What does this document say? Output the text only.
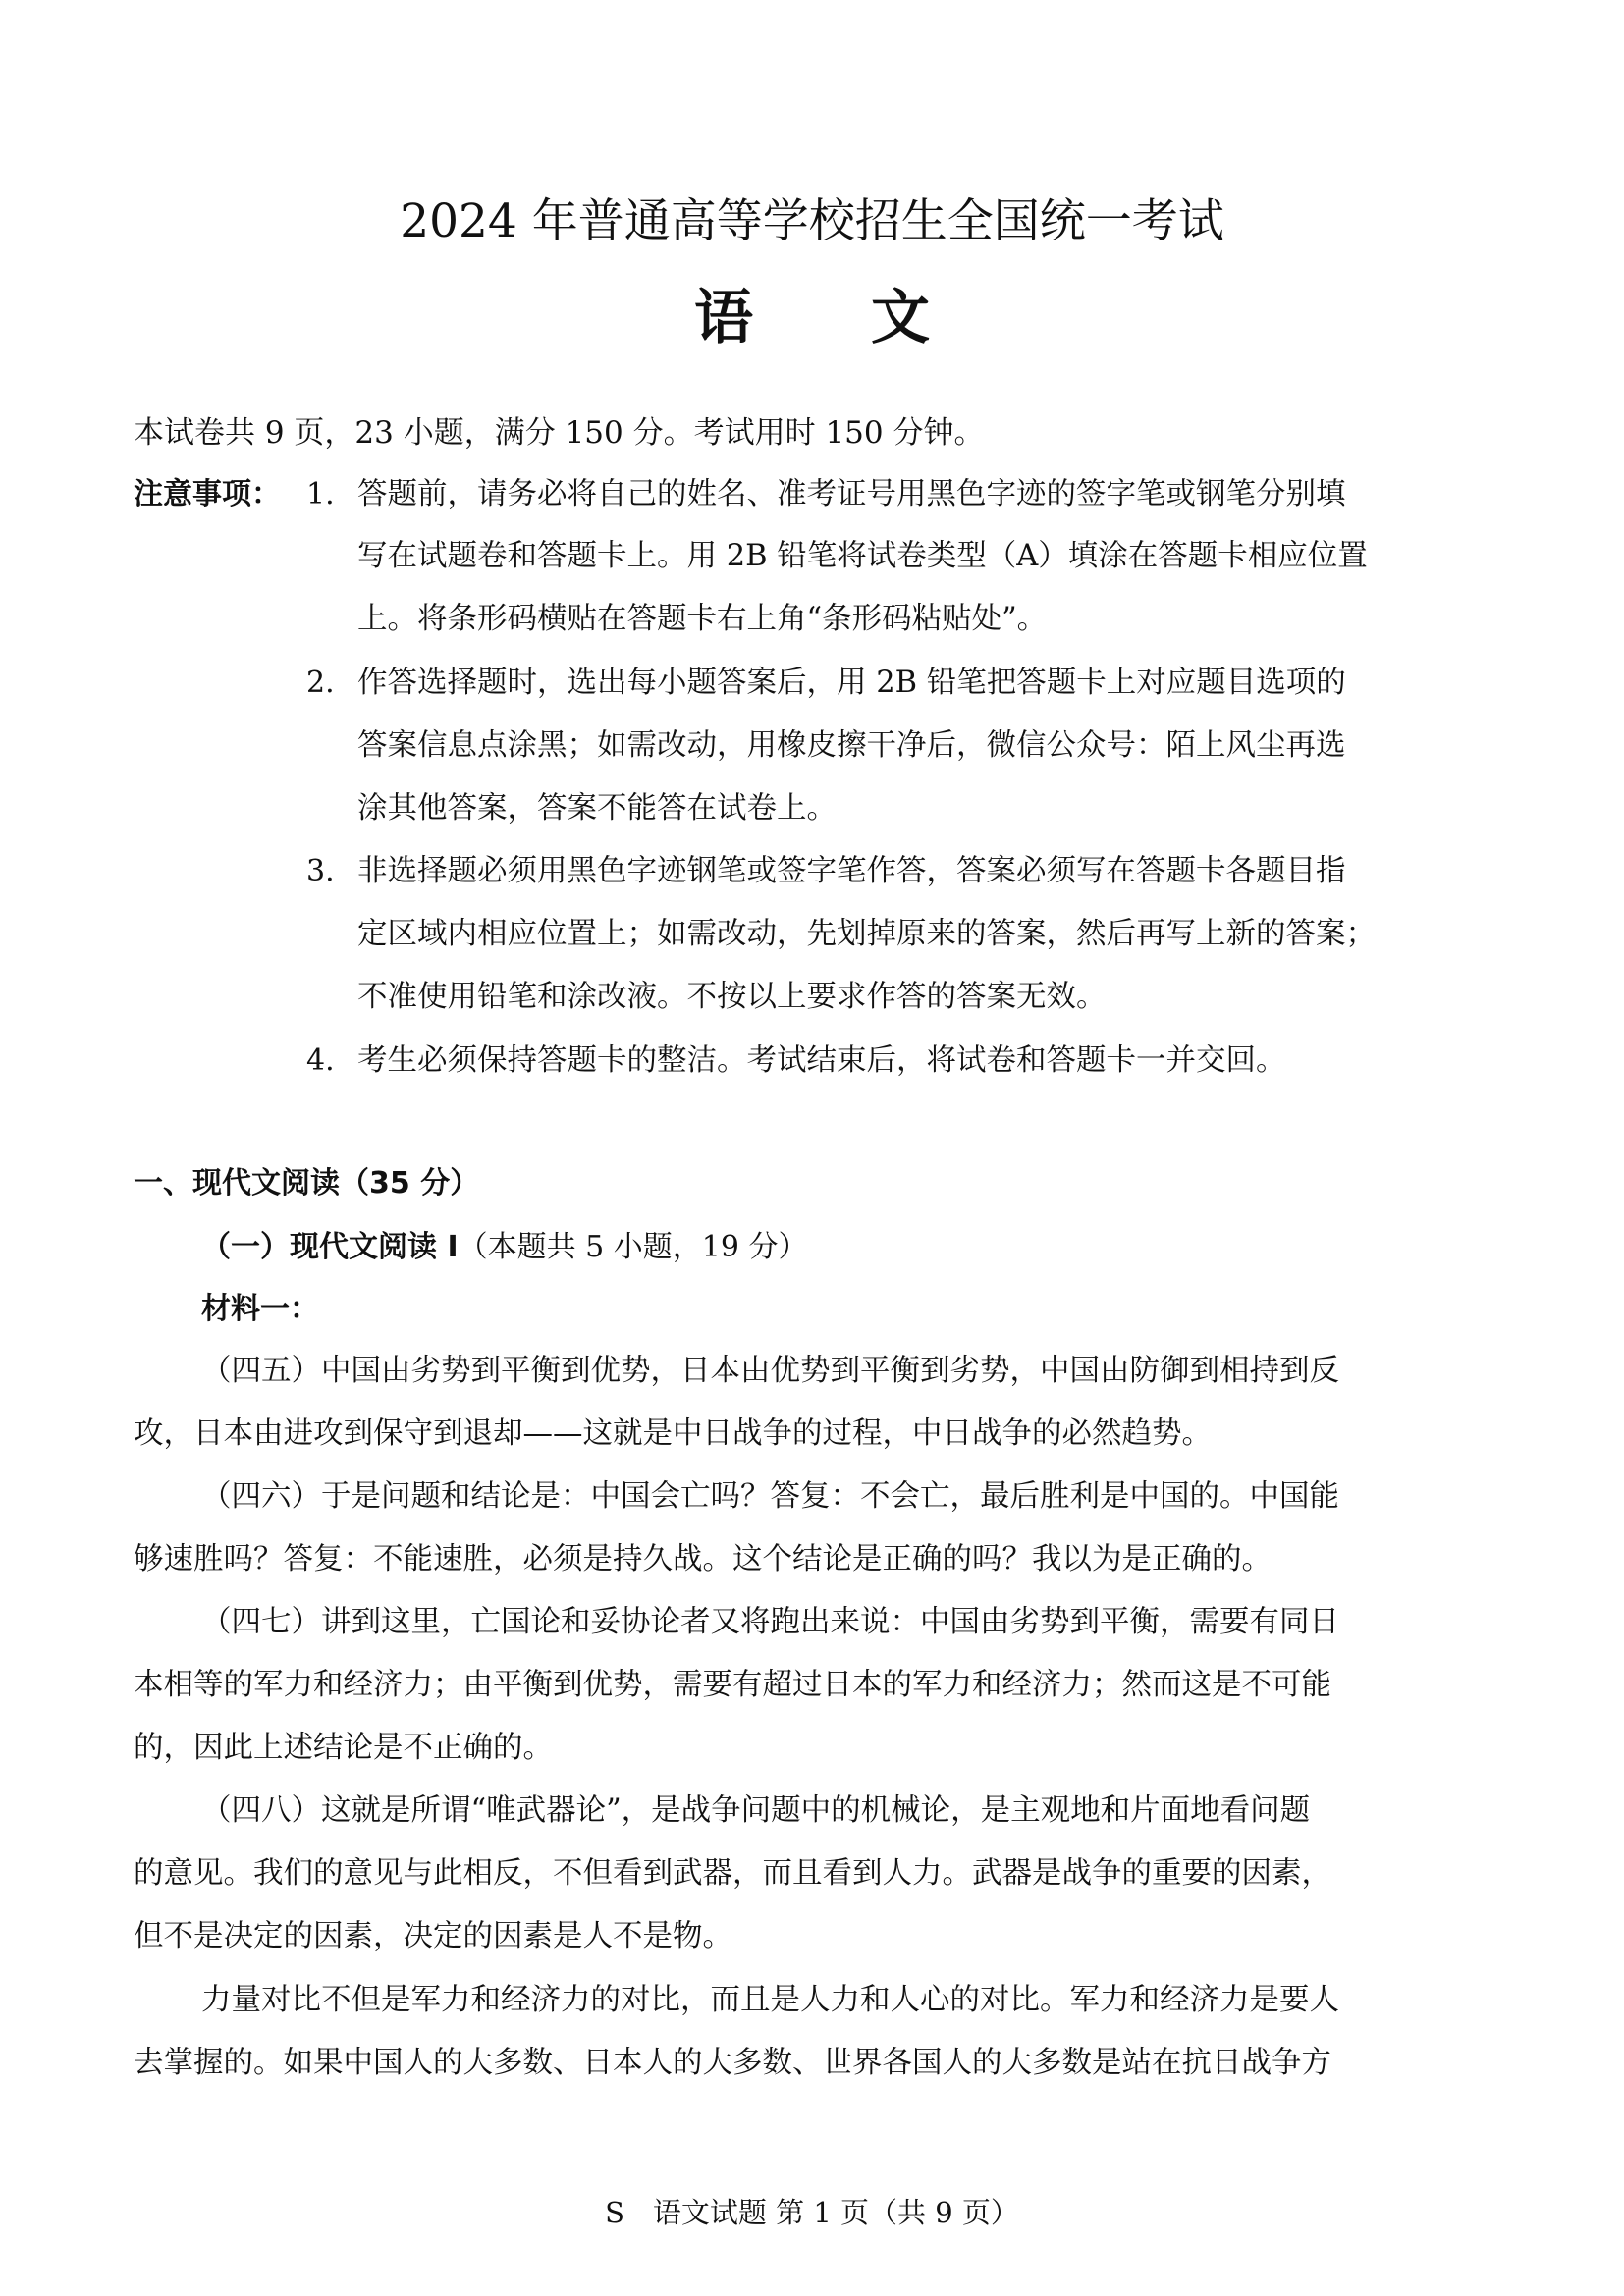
2024 年普通高等学校招生全国统一考试
语文
本试卷共 9 页，23 小题，满分 150 分。考试用时 150 分钟。
注意事项： 1. 答题前，请务必将自己的姓名、准考证号用黑色字迹的签字笔或钢笔分别填
写在试题卷和答题卡上。用 2B 铅笔将试卷类型（A）填涂在答题卡相应位置
上。将条形码横贴在答题卡右上角“条形码粘贴处”。
2. 作答选择题时，选出每小题答案后，用 2B 铅笔把答题卡上对应题目选项的
答案信息点涂黑；如需改动，用橡皮擦干净后，微信公众号：陌上风尘再选
涂其他答案，答案不能答在试卷上。
3. 非选择题必须用黑色字迹钢笔或签字笔作答，答案必须写在答题卡各题目指
定区域内相应位置上；如需改动，先划掉原来的答案，然后再写上新的答案；
不准使用铅笔和涂改液。不按以上要求作答的答案无效。
4. 考生必须保持答题卡的整洁。考试结束后，将试卷和答题卡一并交回。
一、现代文阅读（35 分）
（一）现代文阅读 I（本题共 5 小题，19 分）
材料一：
（四五）中国由劣势到平衡到优势，日本由优势到平衡到劣势，中国由防御到相持到反
攻，日本由进攻到保守到退却——这就是中日战争的过程，中日战争的必然趋势。
（四六）于是问题和结论是：中国会亡吗？答复：不会亡，最后胜利是中国的。中国能
够速胜吗？答复：不能速胜，必须是持久战。这个结论是正确的吗？我以为是正确的。
（四七）讲到这里，亡国论和妥协论者又将跑出来说：中国由劣势到平衡，需要有同日
本相等的军力和经济力；由平衡到优势，需要有超过日本的军力和经济力；然而这是不可能
的，因此上述结论是不正确的。
（四八）这就是所谓“唯武器论”，是战争问题中的机械论，是主观地和片面地看问题
的意见。我们的意见与此相反，不但看到武器，而且看到人力。武器是战争的重要的因素，
但不是决定的因素，决定的因素是人不是物。
力量对比不但是军力和经济力的对比，而且是人力和人心的对比。军力和经济力是要人
去掌握的。如果中国人的大多数、日本人的大多数、世界各国人的大多数是站在抗日战争方
S　语文试题 第 1 页（共 9 页）
